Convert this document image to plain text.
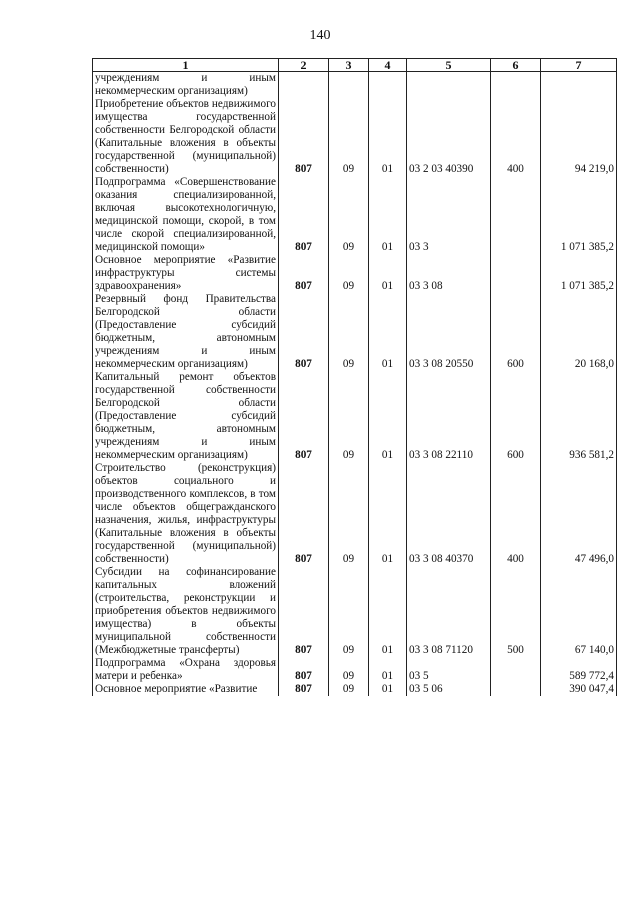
140
1	2	3	4	5	6	7
учреждениям и иным некоммерческим организациям)						
Приобретение объектов недвижимого имущества государственной собственности Белгородской области (Капитальные вложения в объекты государственной (муниципальной) собственности)	807	09	01	03 2 03 40390	400	94 219,0
Подпрограмма «Совершенствование оказания специализированной, включая высокотехнологичную, медицинской помощи, скорой, в том числе скорой специализированной, медицинской помощи»	807	09	01	03 3		1 071 385,2
Основное мероприятие «Развитие инфраструктуры системы здравоохранения»	807	09	01	03 3 08		1 071 385,2
Резервный фонд Правительства Белгородской области (Предоставление субсидий бюджетным, автономным учреждениям и иным некоммерческим организациям)	807	09	01	03 3 08 20550	600	20 168,0
Капитальный ремонт объектов государственной собственности Белгородской области (Предоставление субсидий бюджетным, автономным учреждениям и иным некоммерческим организациям)	807	09	01	03 3 08 22110	600	936 581,2
Строительство (реконструкция) объектов социального и производственного комплексов, в том числе объектов общегражданского назначения, жилья, инфраструктуры (Капитальные вложения в объекты государственной (муниципальной) собственности)	807	09	01	03 3 08 40370	400	47 496,0
Субсидии на софинансирование капитальных вложений (строительства, реконструкции и приобретения объектов недвижимого имущества) в объекты муниципальной собственности (Межбюджетные трансферты)	807	09	01	03 3 08 71120	500	67 140,0
Подпрограмма «Охрана здоровья матери и ребенка»	807	09	01	03 5		589 772,4
Основное мероприятие «Развитие	807	09	01	03 5 06		390 047,4
